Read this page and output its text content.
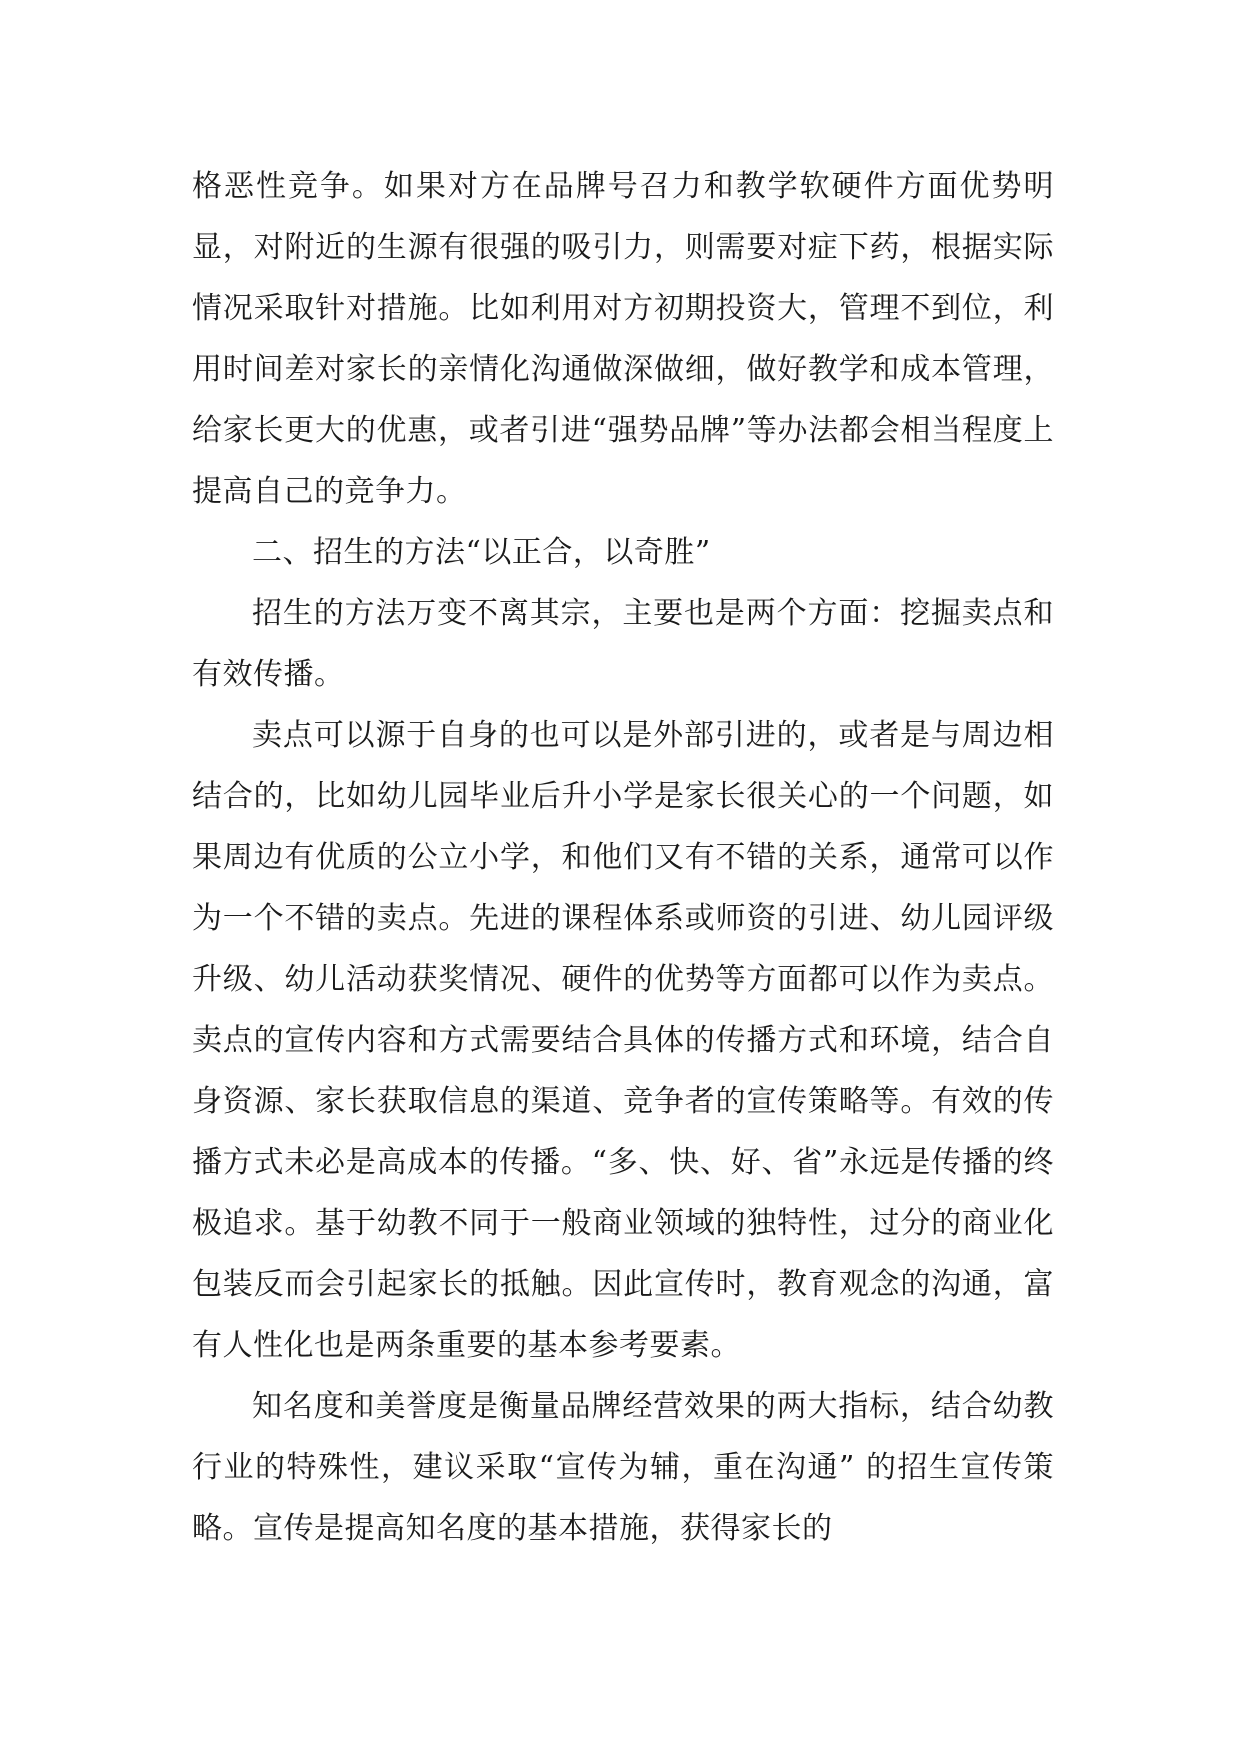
格恶性竞争。如果对方在品牌号召力和教学软硬件方面优势明显，对附近的生源有很强的吸引力，则需要对症下药，根据实际情况采取针对措施。比如利用对方初期投资大，管理不到位，利用时间差对家长的亲情化沟通做深做细，做好教学和成本管理，给家长更大的优惠，或者引进“强势品牌”等办法都会相当程度上提高自己的竞争力。

二、招生的方法“以正合，以奇胜”

招生的方法万变不离其宗，主要也是两个方面：挖掘卖点和有效传播。

卖点可以源于自身的也可以是外部引进的，或者是与周边相结合的，比如幼儿园毕业后升小学是家长很关心的一个问题，如果周边有优质的公立小学，和他们又有不错的关系，通常可以作为一个不错的卖点。先进的课程体系或师资的引进、幼儿园评级升级、幼儿活动获奖情况、硬件的优势等方面都可以作为卖点。卖点的宣传内容和方式需要结合具体的传播方式和环境，结合自身资源、家长获取信息的渠道、竞争者的宣传策略等。有效的传播方式未必是高成本的传播。“多、快、好、省”永远是传播的终极追求。基于幼教不同于一般商业领域的独特性，过分的商业化包装反而会引起家长的抵触。因此宣传时，教育观念的沟通，富有人性化也是两条重要的基本参考要素。

知名度和美誉度是衡量品牌经营效果的两大指标，结合幼教行业的特殊性，建议采取“宣传为辅，重在沟通” 的招生宣传策略。宣传是提高知名度的基本措施，获得家长的
